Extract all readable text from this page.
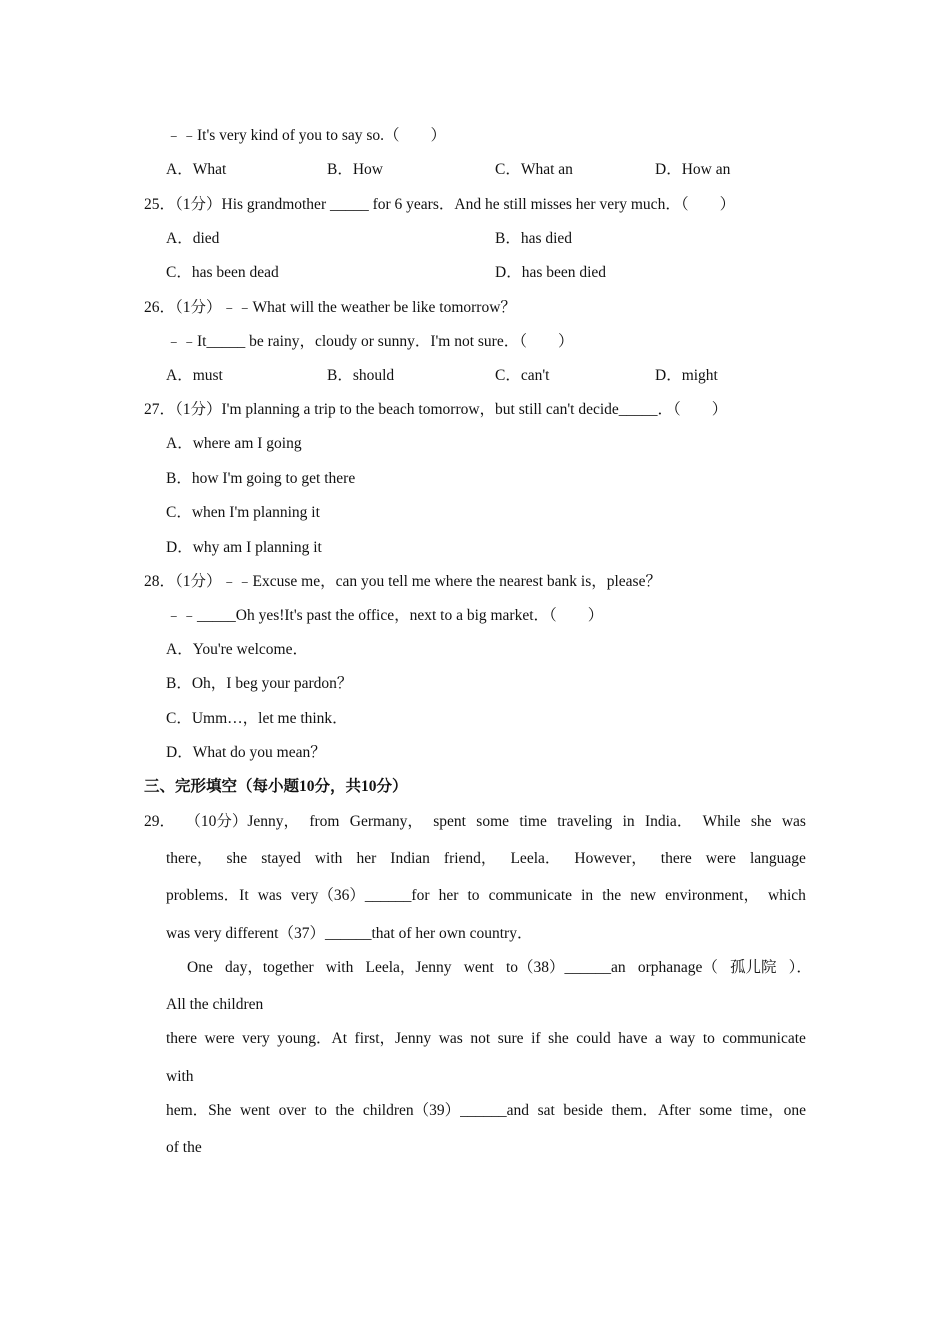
﹣﹣It's very kind of you to say so.（　　）
A．What	B．How	C．What an	D．How an
25．（1分）His grandmother _____ for 6 years．And he still misses her very much．（　　）
A．died	B．has died
C．has been dead	D．has been died
26．（1分）﹣﹣What will the weather be like tomorrow？
﹣﹣It_____ be rainy，cloudy or sunny．I'm not sure．（　　）
A．must	B．should	C．can't	D．might
27．（1分）I'm planning a trip to the beach tomorrow，but still can't decide_____．（　　）
A．where am I going
B．how I'm going to get there
C．when I'm planning it
D．why am I planning it
28．（1分）﹣﹣Excuse me，can you tell me where the nearest bank is，please？
﹣﹣_____Oh yes!It's past the office，next to a big market．（　　）
A．You're welcome．
B．Oh，I beg your pardon？
C．Umm…，let me think．
D．What do you mean？
三、完形填空（每小题10分，共10分）
29． （10分）Jenny， from Germany， spent some time traveling in India． While she was
there， she stayed with her Indian friend， Leela． However， there were language
problems．It was very（36）______for her to communicate in the new environment， which
was very different（37）______that of her own country．
One day，together with Leela，Jenny went to（38）______an orphanage（ 孤儿院 ）．
All the children
there were very young．At first，Jenny was not sure if she could have a way to communicate
with
hem．She went over to the children（39）______and sat beside them．After some time，one
of the
